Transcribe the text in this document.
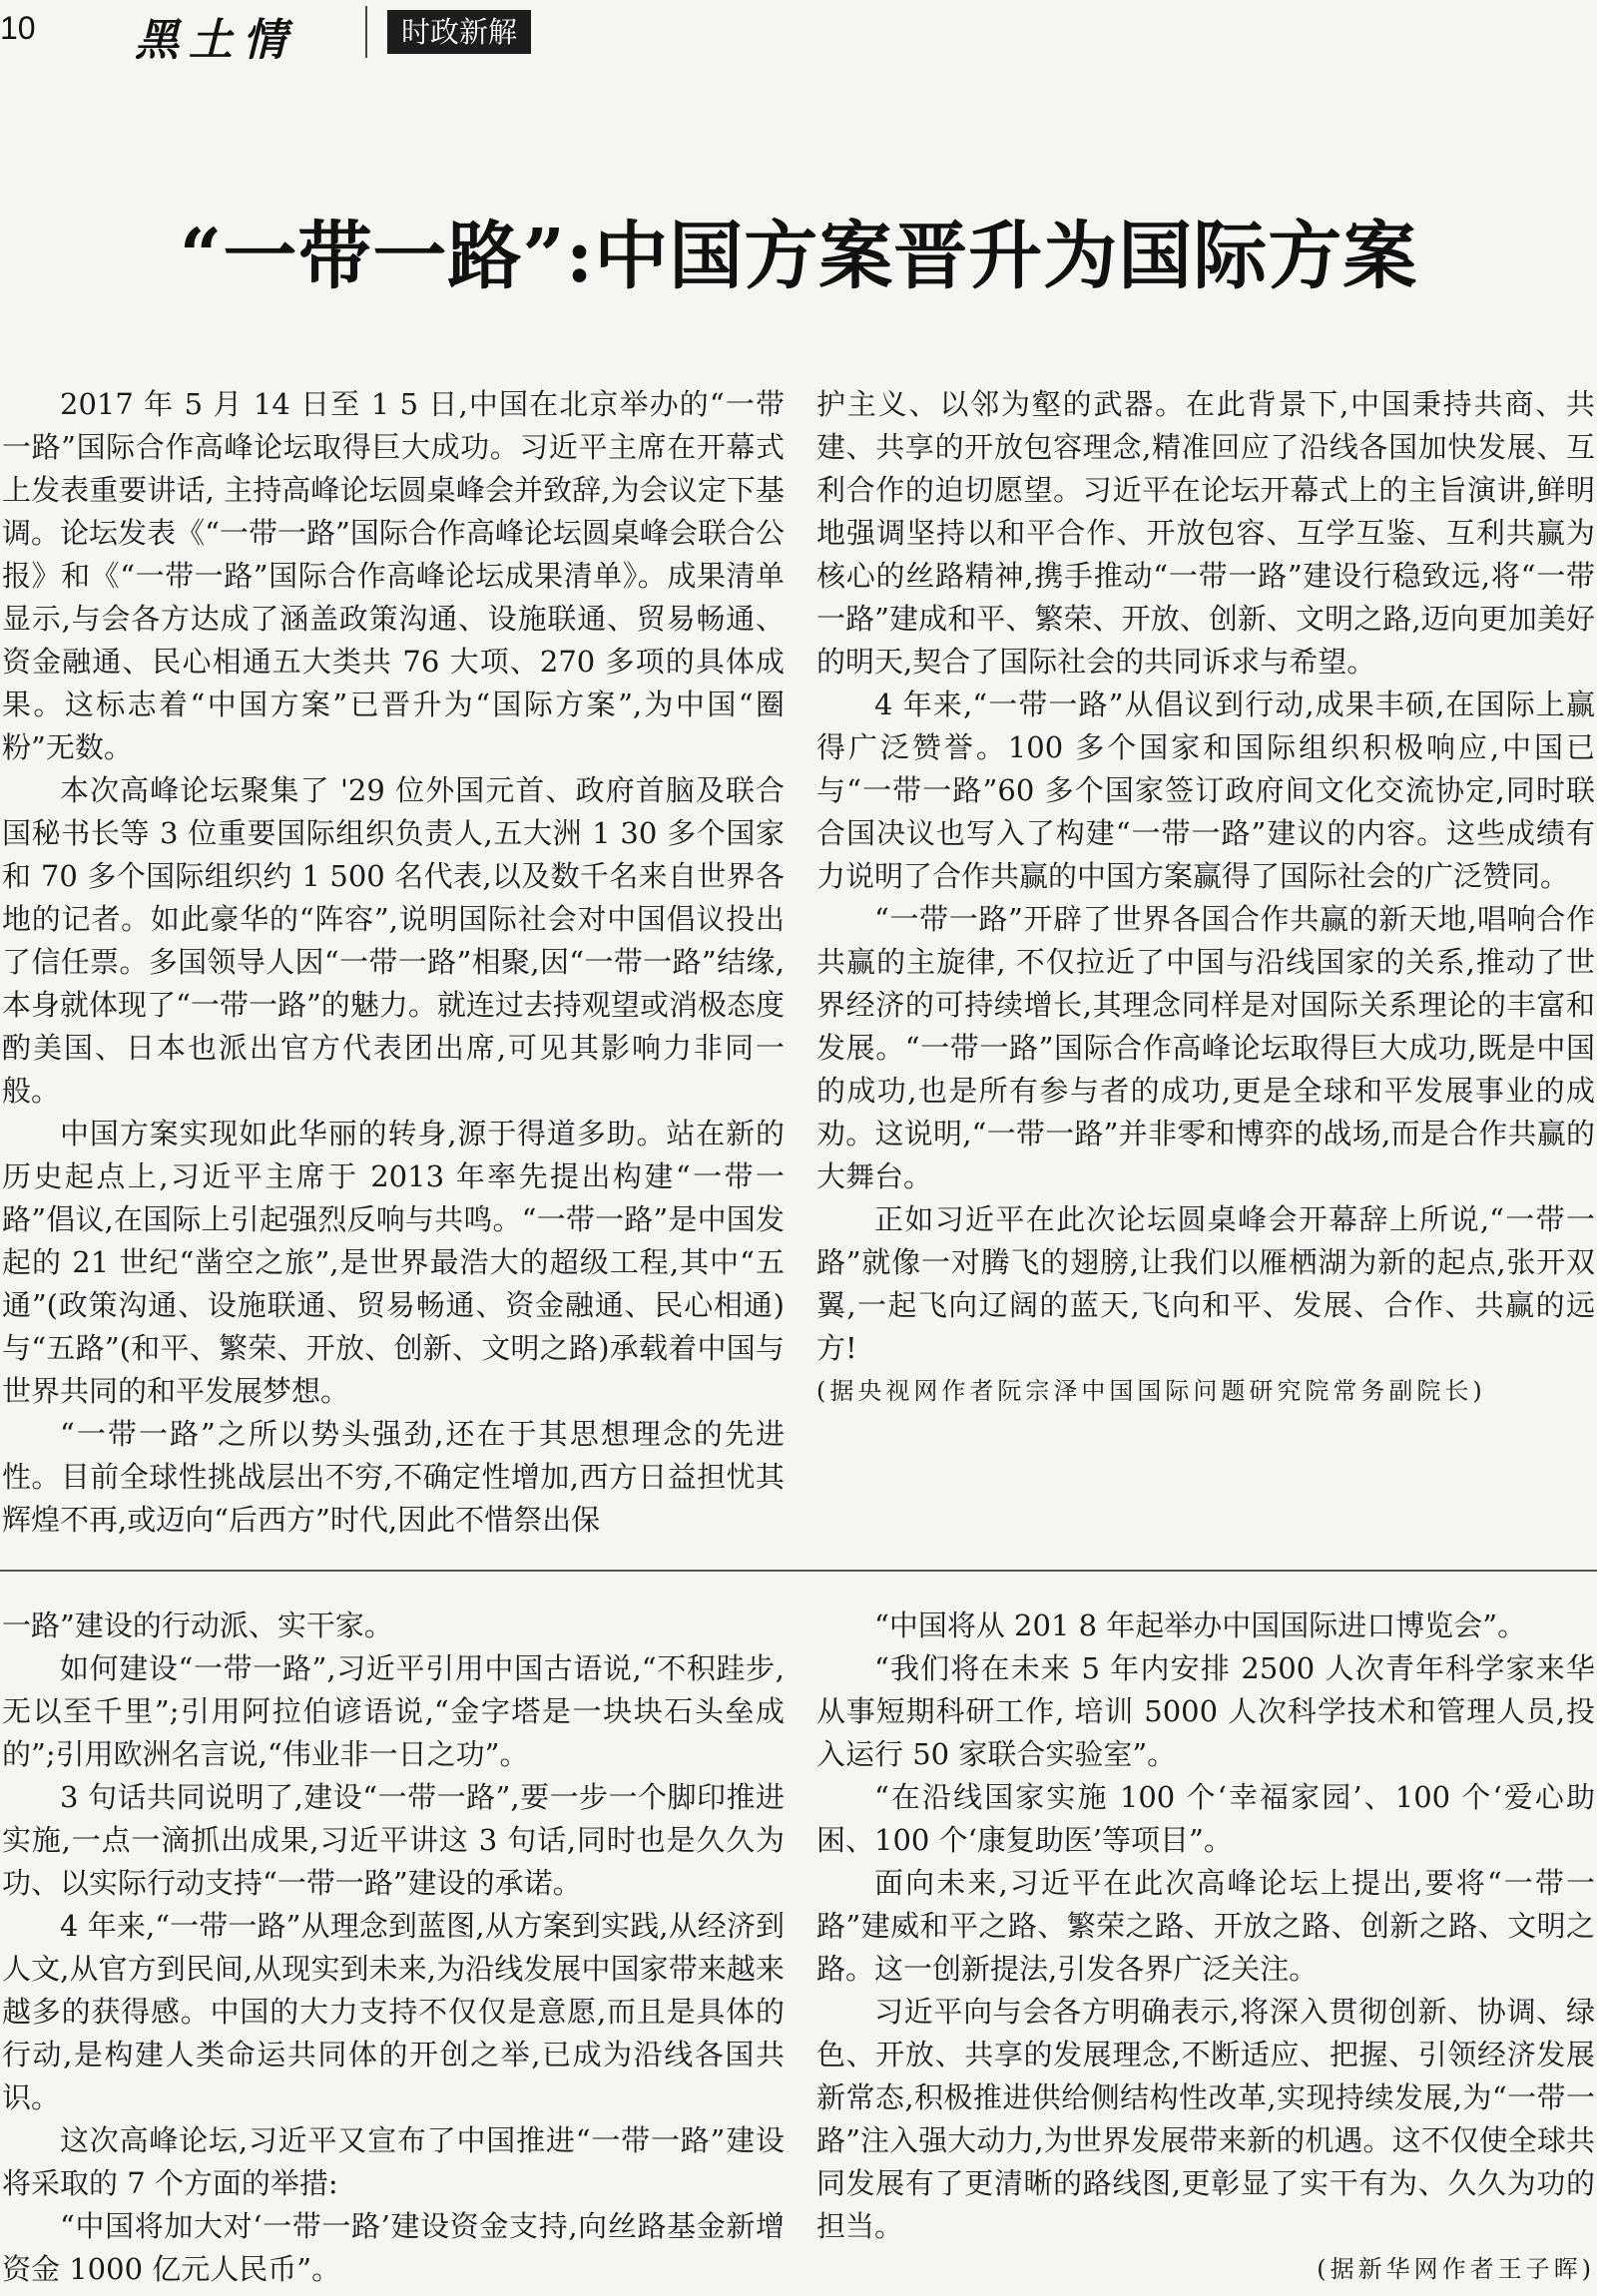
10 黑土情	时政新解
“一带一路”:中国方案晋升为国际方案

2017 年 5 月 14 日至 1 5 日,中国在北京举办的“一带一路”国际合作高峰论坛取得巨大成功。习近平主席在开幕式上发表重要讲话, 主持高峰论坛圆桌峰会并致辞,为会议定下基调。论坛发表《“一带一路”国际合作高峰论坛圆桌峰会联合公报》和《“一带一路”国际合作高峰论坛成果清单》。成果清单显示,与会各方达成了涵盖政策沟通、设施联通、贸易畅通、资金融通、民心相通五大类共 76 大项、270 多项的具体成果。这标志着“中国方案”已晋升为“国际方案”,为中国“圈粉”无数。

本次高峰论坛聚集了 '29 位外国元首、政府首脑及联合国秘书长等 3 位重要国际组织负责人,五大洲 1 30 多个国家和 70 多个国际组织约 1 500 名代表,以及数千名来自世界各地的记者。如此豪华的“阵容”,说明国际社会对中国倡议投出了信任票。多国领导人因“一带一路”相聚,因“一带一路”结缘,本身就体现了“一带一路”的魅力。就连过去持观望或消极态度酌美国、日本也派出官方代表团出席,可见其影响力非同一般。

中国方案实现如此华丽的转身,源于得道多助。站在新的历史起点上,习近平主席于 2013 年率先提出构建“一带一路”倡议,在国际上引起强烈反响与共鸣。“一带一路”是中国发起的 21 世纪“凿空之旅”,是世界最浩大的超级工程,其中“五通”(政策沟通、设施联通、贸易畅通、资金融通、民心相通)与“五路”(和平、繁荣、开放、创新、文明之路)承载着中国与世界共同的和平发展梦想。

“一带一路”之所以势头强劲,还在于其思想理念的先进性。目前全球性挑战层出不穷,不确定性增加,西方日益担忧其辉煌不再,或迈向“后西方”时代,因此不惜祭出保

护主义、以邻为壑的武器。在此背景下,中国秉持共商、共建、共享的开放包容理念,精准回应了沿线各国加快发展、互利合作的迫切愿望。习近平在论坛开幕式上的主旨演讲,鲜明地强调坚持以和平合作、开放包容、互学互鉴、互利共赢为核心的丝路精神,携手推动“一带一路”建设行稳致远,将“一带一路”建成和平、繁荣、开放、创新、文明之路,迈向更加美好的明天,契合了国际社会的共同诉求与希望。

4 年来,“一带一路”从倡议到行动,成果丰硕,在国际上赢得广泛赞誉。100 多个国家和国际组织积极响应,中国已与“一带一路”60 多个国家签订政府间文化交流协定,同时联合国决议也写入了构建“一带一路”建议的内容。这些成绩有力说明了合作共赢的中国方案赢得了国际社会的广泛赞同。

“一带一路”开辟了世界各国合作共赢的新天地,唱响合作共赢的主旋律, 不仅拉近了中国与沿线国家的关系,推动了世界经济的可持续增长,其理念同样是对国际关系理论的丰富和发展。“一带一路”国际合作高峰论坛取得巨大成功,既是中国的成功,也是所有参与者的成功,更是全球和平发展事业的成劝。这说明,“一带一路”并非零和博弈的战场,而是合作共赢的大舞台。

正如习近平在此次论坛圆桌峰会开幕辞上所说,“一带一路”就像一对腾飞的翅膀,让我们以雁栖湖为新的起点,张开双翼,一起飞向辽阔的蓝天,飞向和平、发展、合作、共赢的远方!

(据央视网作者阮宗泽中国国际问题研究院常务副院长)

一路”建设的行动派、实干家。

如何建设“一带一路”,习近平引用中国古语说,“不积跬步,无以至千里”;引用阿拉伯谚语说,“金字塔是一块块石头垒成的”;引用欧洲名言说,“伟业非一日之功”。

3 句话共同说明了,建设“一带一路”,要一步一个脚印推进实施,一点一滴抓出成果,习近平讲这 3 句话,同时也是久久为功、以实际行动支持“一带一路”建设的承诺。

4 年来,“一带一路”从理念到蓝图,从方案到实践,从经济到人文,从官方到民间,从现实到未来,为沿线发展中国家带来越来越多的获得感。中国的大力支持不仅仅是意愿,而且是具体的行动,是构建人类命运共同体的开创之举,已成为沿线各国共识。

这次高峰论坛,习近平又宣布了中国推进“一带一路”建设将采取的 7 个方面的举措:

“中国将加大对‘一带一路’建设资金支持,向丝路基金新增资金 1000 亿元人民币”。

“中国将从 201 8 年起举办中国国际进口博览会”。

“我们将在未来 5 年内安排 2500 人次青年科学家来华从事短期科研工作, 培训 5000 人次科学技术和管理人员,投入运行 50 家联合实验室”。

“在沿线国家实施 100 个‘幸福家园’、100 个‘爱心助困、100 个‘康复助医’等项目”。

面向未来,习近平在此次高峰论坛上提出,要将“一带一路”建威和平之路、繁荣之路、开放之路、创新之路、文明之路。这一创新提法,引发各界广泛关注。

习近平向与会各方明确表示,将深入贯彻创新、协调、绿色、开放、共享的发展理念,不断适应、把握、引领经济发展新常态,积极推进供给侧结构性改革,实现持续发展,为“一带一路”注入强大动力,为世界发展带来新的机遇。这不仅使全球共同发展有了更清晰的路线图,更彰显了实干有为、久久为功的担当。

(据新华网作者王子晖)
